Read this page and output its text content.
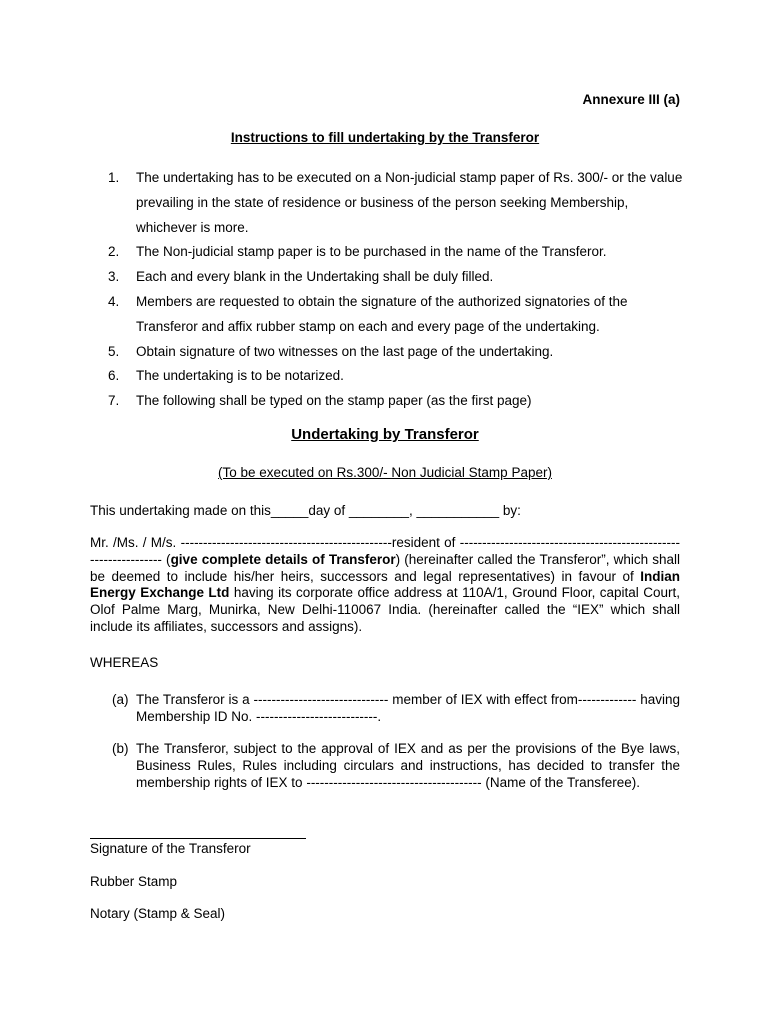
Annexure III (a)
Instructions to fill undertaking by the Transferor
1.	The undertaking has to be executed on a Non-judicial stamp paper of Rs. 300/- or the value prevailing in the state of residence or business of the person seeking Membership, whichever is more.
2.	The Non-judicial stamp paper is to be purchased in the name of the Transferor.
3.	Each and every blank in the Undertaking shall be duly filled.
4.	Members are requested to obtain the signature of the authorized signatories of the Transferor and affix rubber stamp on each and every page of the undertaking.
5.	Obtain signature of two witnesses on the last page of the undertaking.
6.	The undertaking is to be notarized.
7.	The following shall be typed on the stamp paper (as the first page)
Undertaking by Transferor
(To be executed on Rs.300/- Non Judicial Stamp Paper)
This undertaking made on this_____day of ________, ___________ by:
Mr. /Ms. / M/s. -----------------------------------------------resident of ----------------------------------------------------------------- (give complete details of Transferor) (hereinafter called the Transferor”, which shall be deemed to include his/her heirs, successors and legal representatives) in favour of Indian Energy Exchange Ltd having its corporate office address at 110A/1, Ground Floor, capital Court, Olof Palme Marg, Munirka, New Delhi-110067 India. (hereinafter called the “IEX” which shall include its affiliates, successors and assigns).
WHEREAS
(a) The Transferor is a ------------------------------ member of IEX with effect from------------- having Membership ID No. ---------------------------.
(b) The Transferor, subject to the approval of IEX and as per the provisions of the Bye laws, Business Rules, Rules including circulars and instructions, has decided to transfer the membership rights of IEX to --------------------------------------- (Name of the Transferee).
Signature of the Transferor
Rubber Stamp
Notary (Stamp & Seal)
